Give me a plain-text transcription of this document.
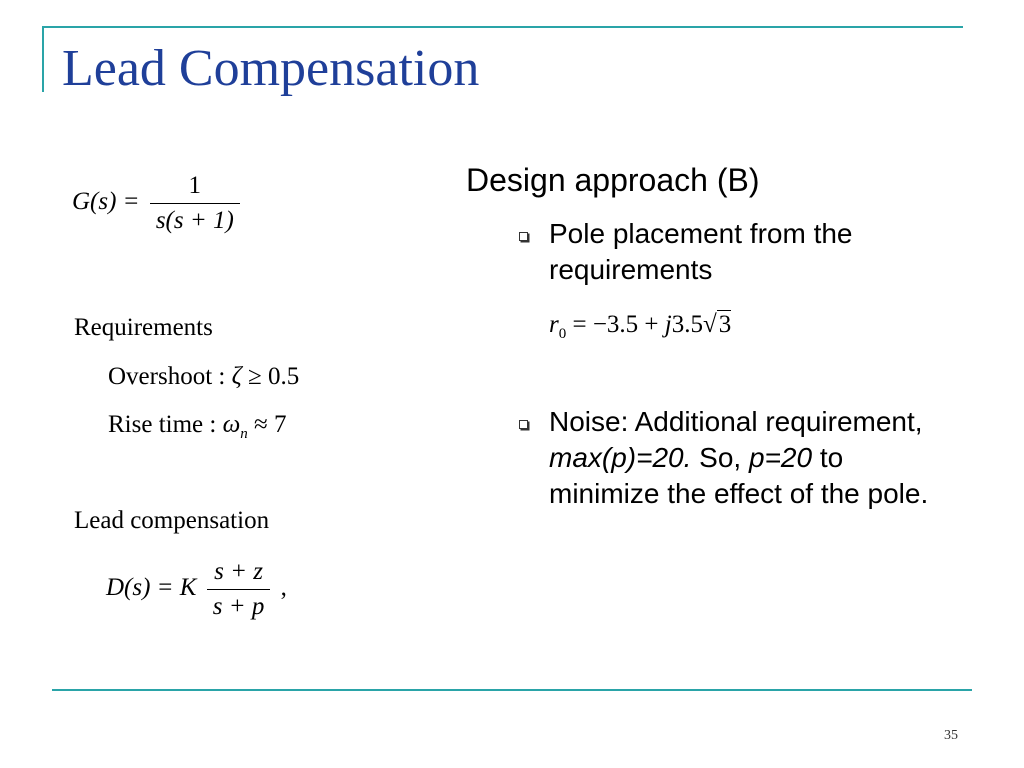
Lead Compensation
$G(s) = \frac{1}{s(s + 1)}$
Requirements
Overshoot : ζ ≥ 0.5
Rise time : $\omega_n \approx 7$
Lead compensation
D(s) = K $\frac{s + z}{s + p}$ ,
Design approach (B)
Pole placement from the requirements
$r_0 = -3.5 + j3.5√3$
Noise: Additional requirement, max(p)=20. So, p=20 to minimize the effect of the pole.
35
